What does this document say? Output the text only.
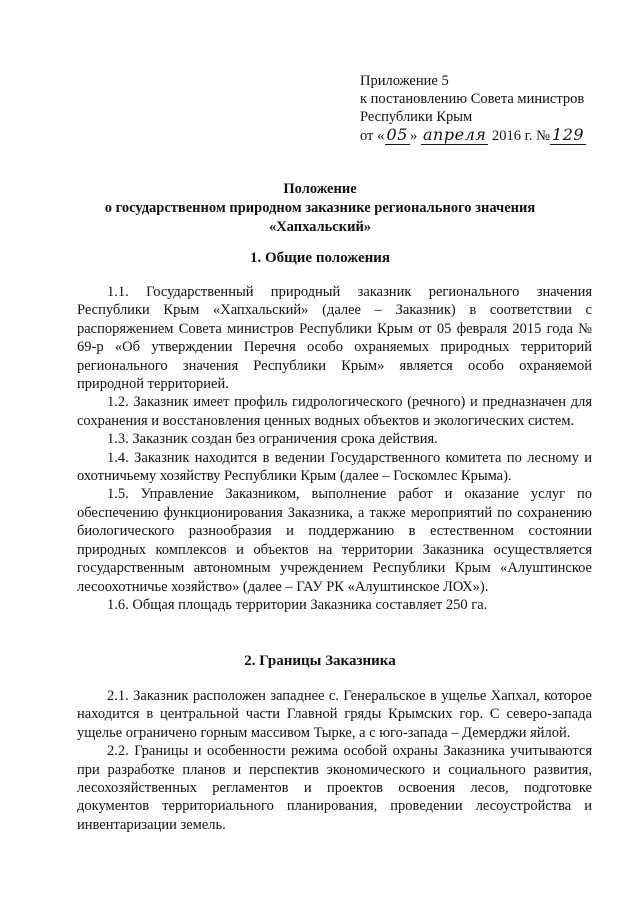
Приложение 5
к постановлению Совета министров
Республики Крым
от « 05 » апреля 2016 г. № 129
Положение
о государственном природном заказнике регионального значения
«Хапхальский»
1. Общие положения

1.1. Государственный природный заказник регионального значения Республики Крым «Хапхальский» (далее – Заказник) в соответствии с распоряжением Совета министров Республики Крым от 05 февраля 2015 года № 69-р «Об утверждении Перечня особо охраняемых природных территорий регионального значения Республики Крым» является особо охраняемой природной территорией.

1.2. Заказник имеет профиль гидрологического (речного) и предназначен для сохранения и восстановления ценных водных объектов и экологических систем.

1.3. Заказник создан без ограничения срока действия.

1.4. Заказник находится в ведении Государственного комитета по лесному и охотничьему хозяйству Республики Крым (далее – Госкомлес Крыма).

1.5. Управление Заказником, выполнение работ и оказание услуг по обеспечению функционирования Заказника, а также мероприятий по сохранению биологического разнообразия и поддержанию в естественном состоянии природных комплексов и объектов на территории Заказника осуществляется государственным автономным учреждением Республики Крым «Алуштинское лесоохотничье хозяйство» (далее – ГАУ РК «Алуштинское ЛОХ»).

1.6. Общая площадь территории Заказника составляет 250 га.

2. Границы Заказника

2.1. Заказник расположен западнее с. Генеральское в ущелье Хапхал, которое находится в центральной части Главной гряды Крымских гор. С северо-запада ущелье ограничено горным массивом Тырке, а с юго-запада – Демерджи яйлой.

2.2. Границы и особенности режима особой охраны Заказника учитываются при разработке планов и перспектив экономического и социального развития, лесохозяйственных регламентов и проектов освоения лесов, подготовке документов территориального планирования, проведении лесоустройства и инвентаризации земель.
